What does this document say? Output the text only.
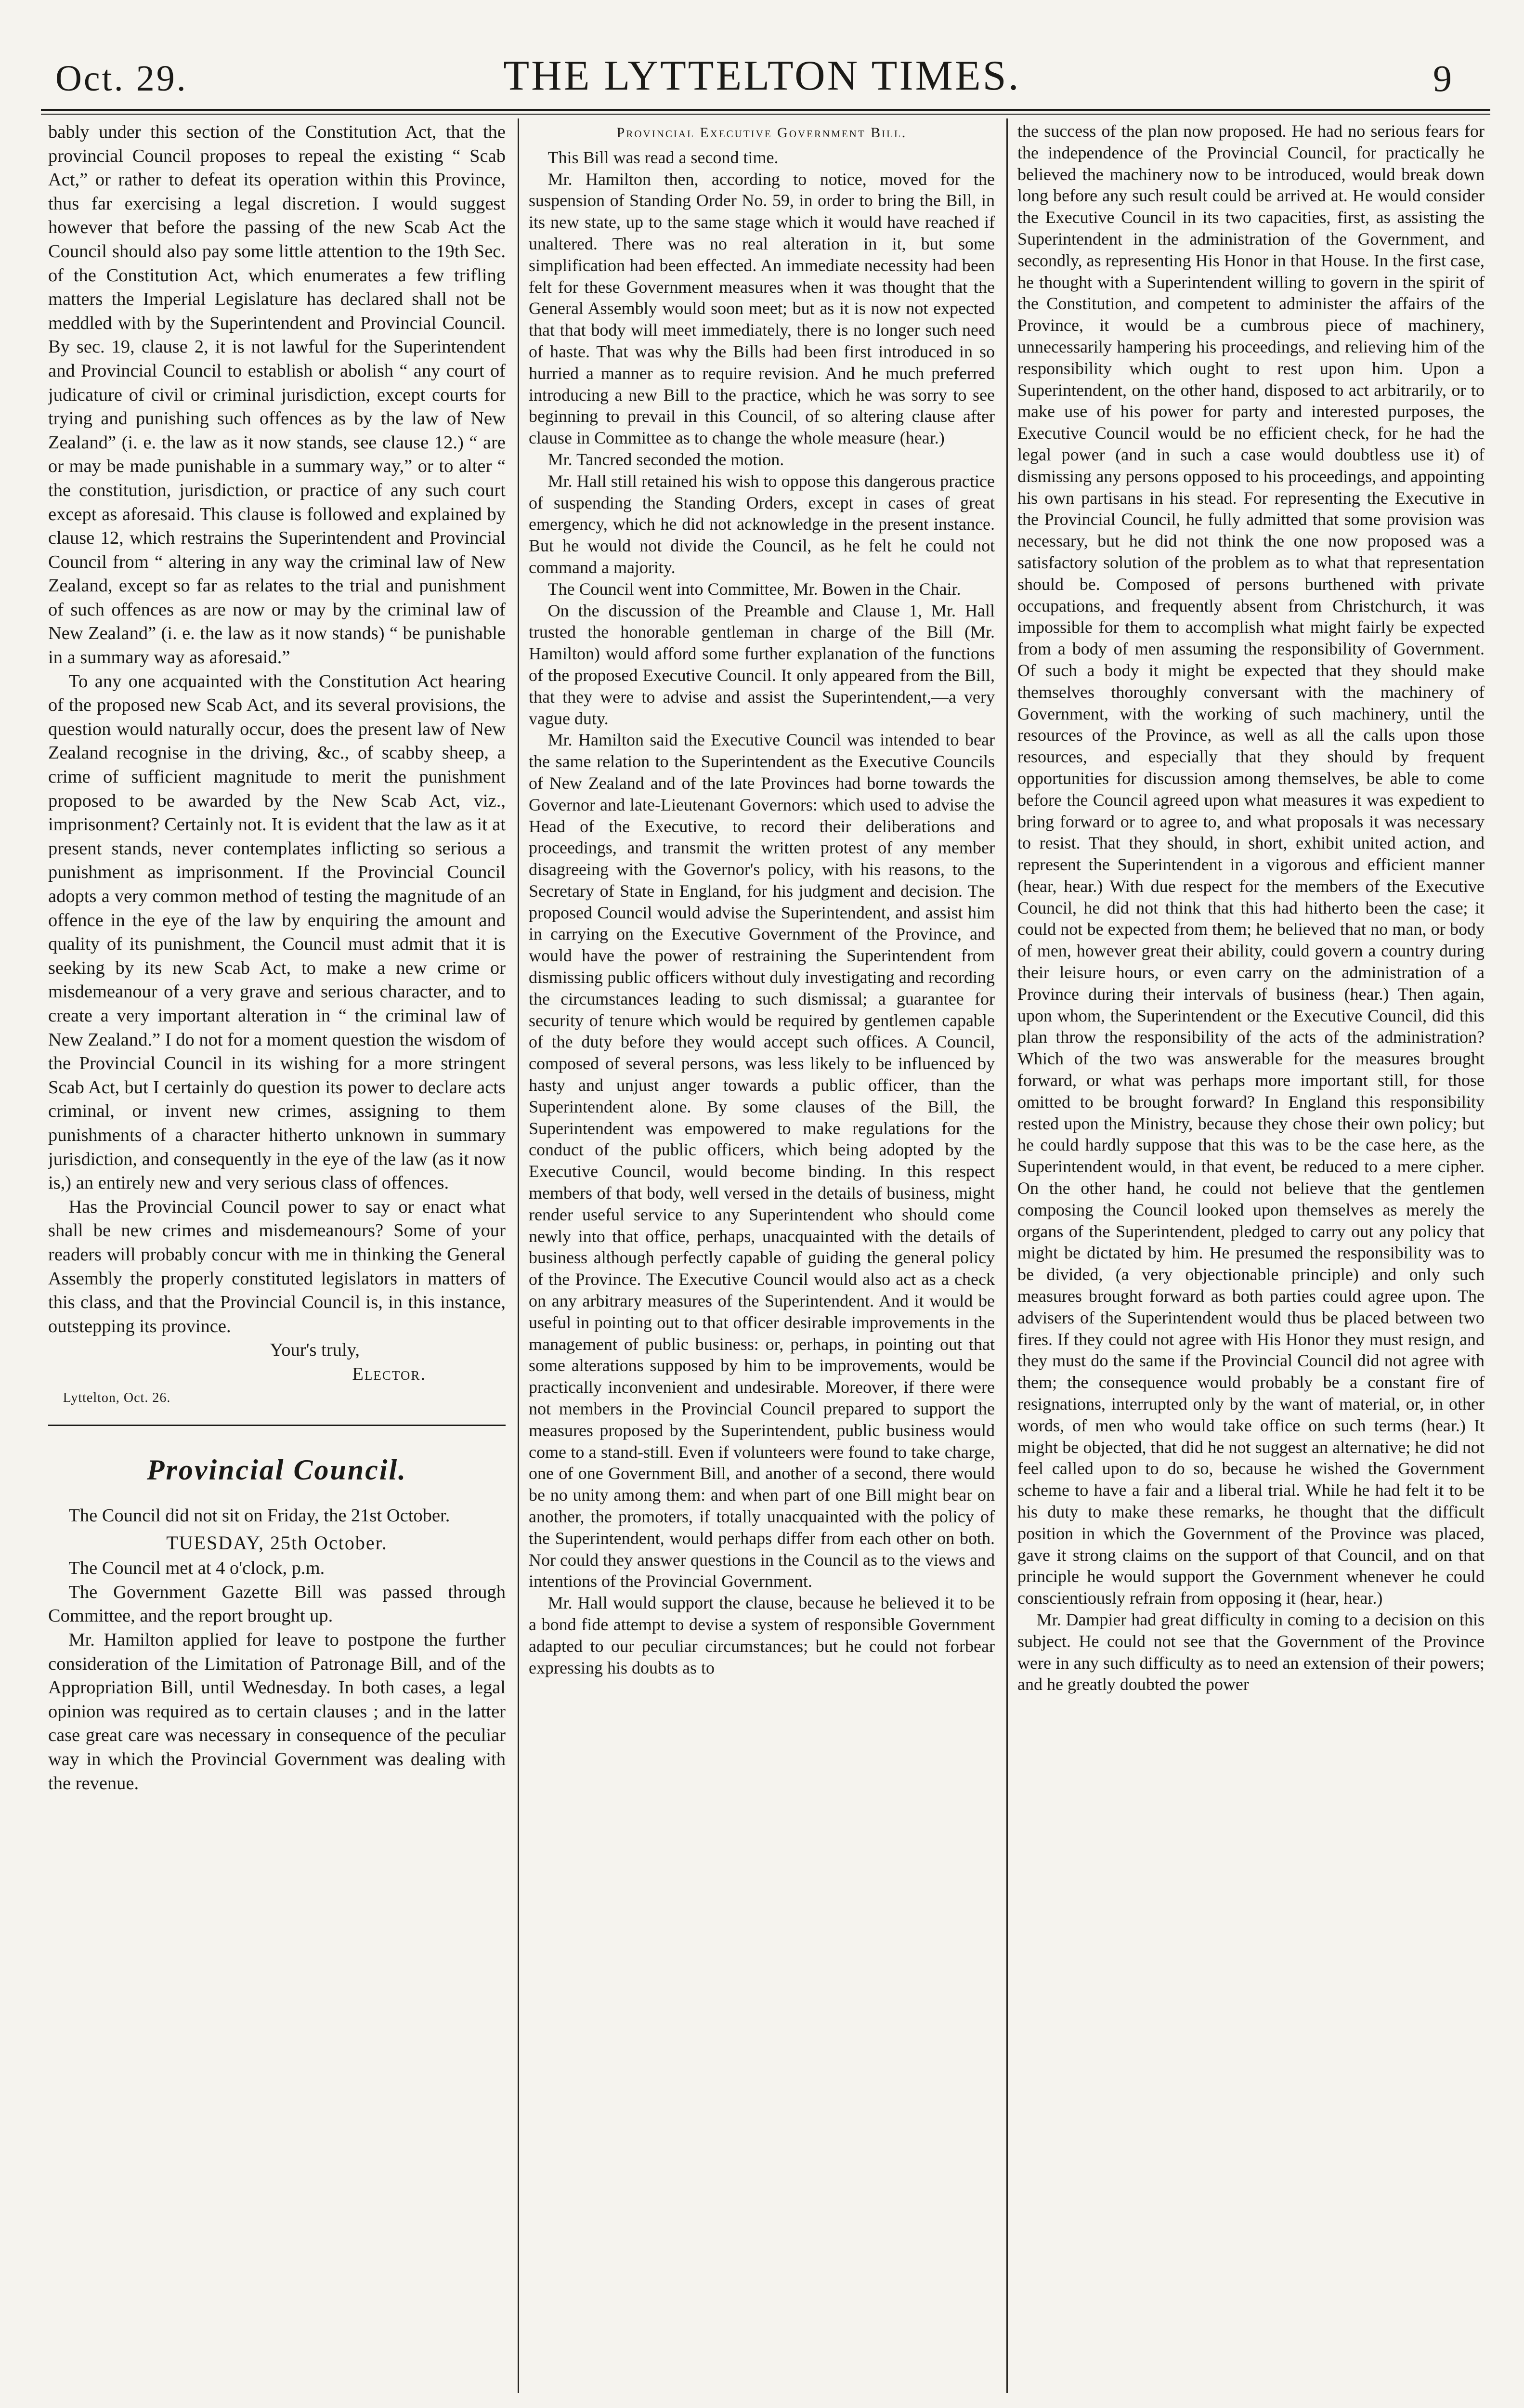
Oct. 29.	THE LYTTELTON TIMES.	9

bably under this section of the Constitution Act, that the provincial Council proposes to repeal the existing “ Scab Act,” or rather to defeat its operation within this Province, thus far exercising a legal discretion. I would suggest however that before the passing of the new Scab Act the Council should also pay some little attention to the 19th Sec. of the Constitution Act, which enumerates a few trifling matters the Imperial Legislature has declared shall not be meddled with by the Superintendent and Provincial Council. By sec. 19, clause 2, it is not lawful for the Superintendent and Provincial Council to establish or abolish “ any court of judicature of civil or criminal jurisdiction, except courts for trying and punishing such offences as by the law of New Zealand” (i. e. the law as it now stands, see clause 12.) “ are or may be made punishable in a summary way,” or to alter “ the constitution, jurisdiction, or practice of any such court except as aforesaid. This clause is followed and explained by clause 12, which restrains the Superintendent and Provincial Council from “ altering in any way the criminal law of New Zealand, except so far as relates to the trial and punishment of such offences as are now or may by the criminal law of New Zealand” (i. e. the law as it now stands) “ be punishable in a summary way as aforesaid.”

To any one acquainted with the Constitution Act hearing of the proposed new Scab Act, and its several provisions, the question would naturally occur, does the present law of New Zealand recognise in the driving, &c., of scabby sheep, a crime of sufficient magnitude to merit the punishment proposed to be awarded by the New Scab Act, viz., imprisonment? Certainly not. It is evident that the law as it at present stands, never contemplates inflicting so serious a punishment as imprisonment. If the Provincial Council adopts a very common method of testing the magnitude of an offence in the eye of the law by enquiring the amount and quality of its punishment, the Council must admit that it is seeking by its new Scab Act, to make a new crime or misdemeanour of a very grave and serious character, and to create a very important alteration in “ the criminal law of New Zealand.” I do not for a moment question the wisdom of the Provincial Council in its wishing for a more stringent Scab Act, but I certainly do question its power to declare acts criminal, or invent new crimes, assigning to them punishments of a character hitherto unknown in summary jurisdiction, and consequently in the eye of the law (as it now is,) an entirely new and very serious class of offences.

Has the Provincial Council power to say or enact what shall be new crimes and misdemeanours? Some of your readers will probably concur with me in thinking the General Assembly the properly constituted legislators in matters of this class, and that the Provincial Council is, in this instance, outstepping its province.

Your's truly,

Elector.

Lyttelton, Oct. 26.

Provincial Council.

The Council did not sit on Friday, the 21st October.

TUESDAY, 25th October.

The Council met at 4 o'clock, p.m.

The Government Gazette Bill was passed through Committee, and the report brought up.

Mr. Hamilton applied for leave to postpone the further consideration of the Limitation of Patronage Bill, and of the Appropriation Bill, until Wednesday. In both cases, a legal opinion was required as to certain clauses ; and in the latter case great care was necessary in consequence of the peculiar way in which the Provincial Government was dealing with the revenue.

Provincial Executive Government Bill.

This Bill was read a second time.

Mr. Hamilton then, according to notice, moved for the suspension of Standing Order No. 59, in order to bring the Bill, in its new state, up to the same stage which it would have reached if unaltered. There was no real alteration in it, but some simplification had been effected. An immediate necessity had been felt for these Government measures when it was thought that the General Assembly would soon meet; but as it is now not expected that that body will meet immediately, there is no longer such need of haste. That was why the Bills had been first introduced in so hurried a manner as to require revision. And he much preferred introducing a new Bill to the practice, which he was sorry to see beginning to prevail in this Council, of so altering clause after clause in Committee as to change the whole measure (hear.)

Mr. Tancred seconded the motion.

Mr. Hall still retained his wish to oppose this dangerous practice of suspending the Standing Orders, except in cases of great emergency, which he did not acknowledge in the present instance. But he would not divide the Council, as he felt he could not command a majority.

The Council went into Committee, Mr. Bowen in the Chair.

On the discussion of the Preamble and Clause 1, Mr. Hall trusted the honorable gentleman in charge of the Bill (Mr. Hamilton) would afford some further explanation of the functions of the proposed Executive Council. It only appeared from the Bill, that they were to advise and assist the Superintendent,—a very vague duty.

Mr. Hamilton said the Executive Council was intended to bear the same relation to the Superintendent as the Executive Councils of New Zealand and of the late Provinces had borne towards the Governor and late-Lieutenant Governors: which used to advise the Head of the Executive, to record their deliberations and proceedings, and transmit the written protest of any member disagreeing with the Governor's policy, with his reasons, to the Secretary of State in England, for his judgment and decision. The proposed Council would advise the Superintendent, and assist him in carrying on the Executive Government of the Province, and would have the power of restraining the Superintendent from dismissing public officers without duly investigating and recording the circumstances leading to such dismissal; a guarantee for security of tenure which would be required by gentlemen capable of the duty before they would accept such offices. A Council, composed of several persons, was less likely to be influenced by hasty and unjust anger towards a public officer, than the Superintendent alone. By some clauses of the Bill, the Superintendent was empowered to make regulations for the conduct of the public officers, which being adopted by the Executive Council, would become binding. In this respect members of that body, well versed in the details of business, might render useful service to any Superintendent who should come newly into that office, perhaps, unacquainted with the details of business although perfectly capable of guiding the general policy of the Province. The Executive Council would also act as a check on any arbitrary measures of the Superintendent. And it would be useful in pointing out to that officer desirable improvements in the management of public business: or, perhaps, in pointing out that some alterations supposed by him to be improvements, would be practically inconvenient and undesirable. Moreover, if there were not members in the Provincial Council prepared to support the measures proposed by the Superintendent, public business would come to a stand-still. Even if volunteers were found to take charge, one of one Government Bill, and another of a second, there would be no unity among them: and when part of one Bill might bear on another, the promoters, if totally unacquainted with the policy of the Superintendent, would perhaps differ from each other on both. Nor could they answer questions in the Council as to the views and intentions of the Provincial Government.

Mr. Hall would support the clause, because he believed it to be a bond fide attempt to devise a system of responsible Government adapted to our peculiar circumstances; but he could not forbear expressing his doubts as to

the success of the plan now proposed. He had no serious fears for the independence of the Provincial Council, for practically he believed the machinery now to be introduced, would break down long before any such result could be arrived at. He would consider the Executive Council in its two capacities, first, as assisting the Superintendent in the administration of the Government, and secondly, as representing His Honor in that House. In the first case, he thought with a Superintendent willing to govern in the spirit of the Constitution, and competent to administer the affairs of the Province, it would be a cumbrous piece of machinery, unnecessarily hampering his proceedings, and relieving him of the responsibility which ought to rest upon him. Upon a Superintendent, on the other hand, disposed to act arbitrarily, or to make use of his power for party and interested purposes, the Executive Council would be no efficient check, for he had the legal power (and in such a case would doubtless use it) of dismissing any persons opposed to his proceedings, and appointing his own partisans in his stead. For representing the Executive in the Provincial Council, he fully admitted that some provision was necessary, but he did not think the one now proposed was a satisfactory solution of the problem as to what that representation should be. Composed of persons burthened with private occupations, and frequently absent from Christchurch, it was impossible for them to accomplish what might fairly be expected from a body of men assuming the responsibility of Government. Of such a body it might be expected that they should make themselves thoroughly conversant with the machinery of Government, with the working of such machinery, until the resources of the Province, as well as all the calls upon those resources, and especially that they should by frequent opportunities for discussion among themselves, be able to come before the Council agreed upon what measures it was expedient to bring forward or to agree to, and what proposals it was necessary to resist. That they should, in short, exhibit united action, and represent the Superintendent in a vigorous and efficient manner (hear, hear.) With due respect for the members of the Executive Council, he did not think that this had hitherto been the case; it could not be expected from them; he believed that no man, or body of men, however great their ability, could govern a country during their leisure hours, or even carry on the administration of a Province during their intervals of business (hear.) Then again, upon whom, the Superintendent or the Executive Council, did this plan throw the responsibility of the acts of the administration? Which of the two was answerable for the measures brought forward, or what was perhaps more important still, for those omitted to be brought forward? In England this responsibility rested upon the Ministry, because they chose their own policy; but he could hardly suppose that this was to be the case here, as the Superintendent would, in that event, be reduced to a mere cipher. On the other hand, he could not believe that the gentlemen composing the Council looked upon themselves as merely the organs of the Superintendent, pledged to carry out any policy that might be dictated by him. He presumed the responsibility was to be divided, (a very objectionable principle) and only such measures brought forward as both parties could agree upon. The advisers of the Superintendent would thus be placed between two fires. If they could not agree with His Honor they must resign, and they must do the same if the Provincial Council did not agree with them; the consequence would probably be a constant fire of resignations, interrupted only by the want of material, or, in other words, of men who would take office on such terms (hear.) It might be objected, that did he not suggest an alternative; he did not feel called upon to do so, because he wished the Government scheme to have a fair and a liberal trial. While he had felt it to be his duty to make these remarks, he thought that the difficult position in which the Government of the Province was placed, gave it strong claims on the support of that Council, and on that principle he would support the Government whenever he could conscientiously refrain from opposing it (hear, hear.)

Mr. Dampier had great difficulty in coming to a decision on this subject. He could not see that the Government of the Province were in any such difficulty as to need an extension of their powers; and he greatly doubted the power
